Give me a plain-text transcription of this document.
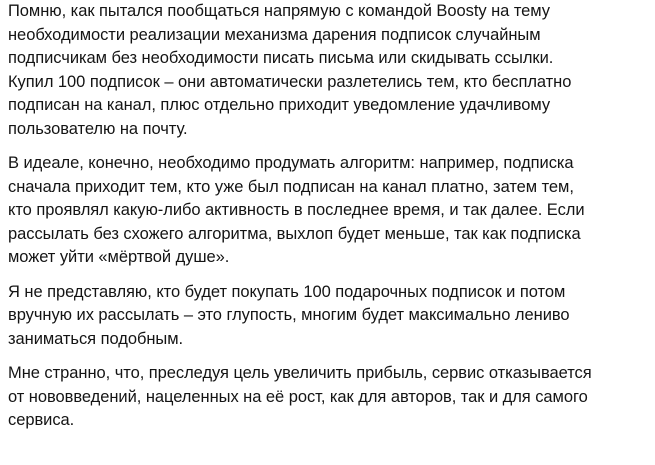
Помню, как пытался пообщаться напрямую с командой Boosty на тему
необходимости реализации механизма дарения подписок случайным
подписчикам без необходимости писать письма или скидывать ссылки.
Купил 100 подписок – они автоматически разлетелись тем, кто бесплатно
подписан на канал, плюс отдельно приходит уведомление удачливому
пользователю на почту.

В идеале, конечно, необходимо продумать алгоритм: например, подписка
сначала приходит тем, кто уже был подписан на канал платно, затем тем,
кто проявлял какую-либо активность в последнее время, и так далее. Если
рассылать без схожего алгоритма, выхлоп будет меньше, так как подписка
может уйти «мёртвой душе».

Я не представляю, кто будет покупать 100 подарочных подписок и потом
вручную их рассылать – это глупость, многим будет максимально лениво
заниматься подобным.

Мне странно, что, преследуя цель увеличить прибыль, сервис отказывается
от нововведений, нацеленных на её рост, как для авторов, так и для самого
сервиса.
